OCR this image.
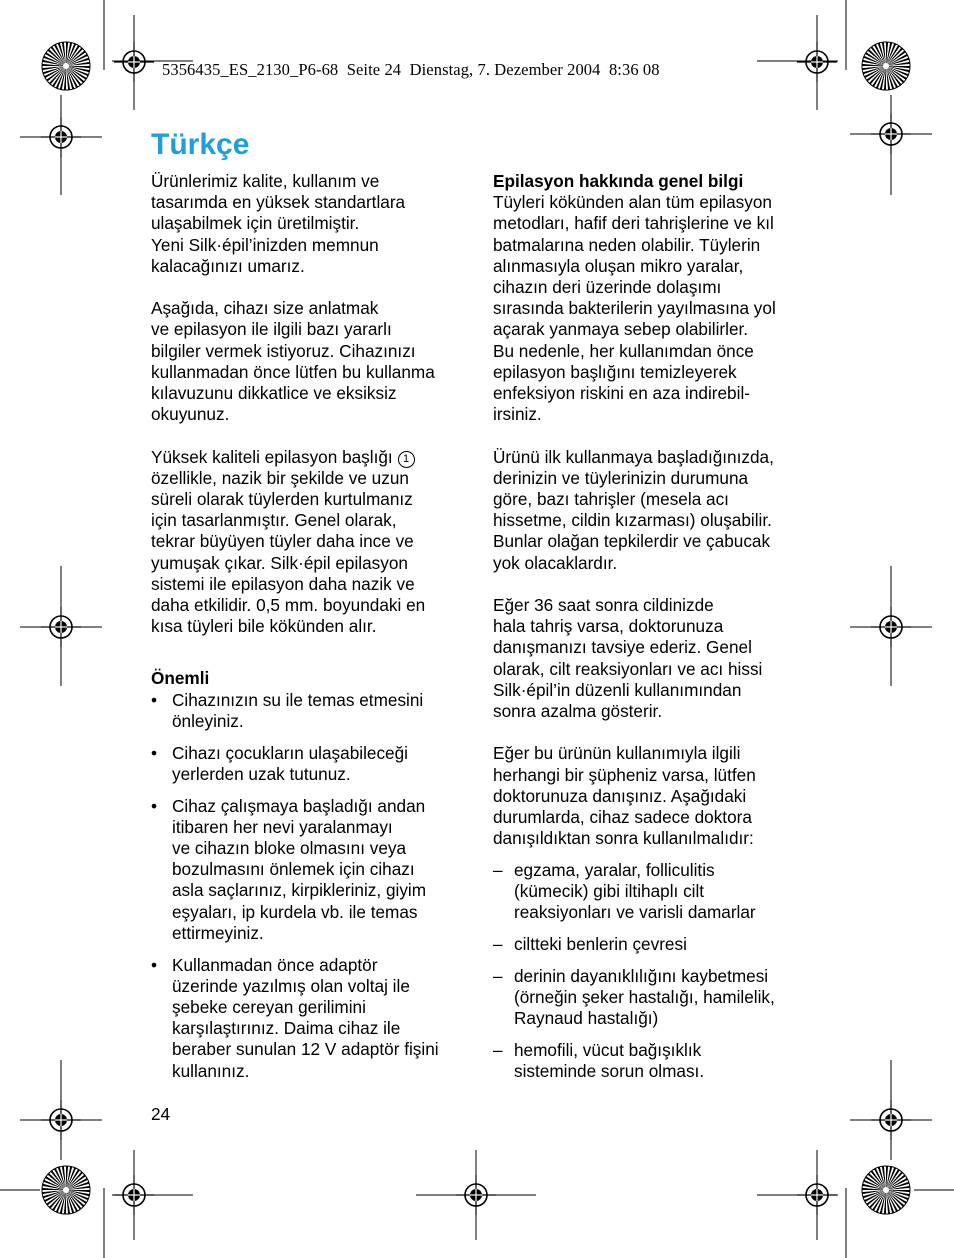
5356435_ES_2130_P6-68  Seite 24  Dienstag, 7. Dezember 2004  8:36 08
Türkçe
Ürünlerimiz kalite, kullanım ve
tasarımda en yüksek standartlara
ulaşabilmek için üretilmiştir.
Yeni Silk·épil’inizden memnun
kalacağınızı umarız.
Aşağıda, cihazı size anlatmak
ve epilasyon ile ilgili bazı yararlı
bilgiler vermek istiyoruz. Cihazınızı
kullanmadan önce lütfen bu kullanma
kılavuzunu dikkatlice ve eksiksiz
okuyunuz.

Yüksek kaliteli epilasyon başlığı 1

özellikle, nazik bir şekilde ve uzun
süreli olarak tüylerden kurtulmanız
için tasarlanmıştır. Genel olarak,
tekrar büyüyen tüyler daha ince ve
yumuşak çıkar. Silk·épil epilasyon
sistemi ile epilasyon daha nazik ve
daha etkilidir. 0,5 mm. boyundaki en
kısa tüyleri bile kökünden alır.

Önemli

• Cihazınızın su ile temas etmesini
önleyiniz.
• Cihazı çocukların ulaşabileceği
yerlerden uzak tutunuz.
• Cihaz çalışmaya başladığı andan
itibaren her nevi yaralanmayı
ve cihazın bloke olmasını veya
bozulmasını önlemek için cihazı
asla saçlarınız, kirpikleriniz, giyim
eşyaları, ip kurdela vb. ile temas
ettirmeyiniz.
• Kullanmadan önce adaptör
üzerinde yazılmış olan voltaj ile
şebeke cereyan gerilimini
karşılaştırınız. Daima cihaz ile
beraber sunulan 12 V adaptör fişini
kullanınız.

Epilasyon hakkında genel bilgi

Tüyleri kökünden alan tüm epilasyon
metodları, hafif deri tahrişlerine ve kıl
batmalarına neden olabilir. Tüylerin
alınmasıyla oluşan mikro yaralar,
cihazın deri üzerinde dolaşımı
sırasında bakterilerin yayılmasına yol
açarak yanmaya sebep olabilirler.
Bu nedenle, her kullanımdan önce
epilasyon başlığını temizleyerek
enfeksiyon riskini en aza indirebil-
irsiniz.
Ürünü ilk kullanmaya başladığınızda,
derinizin ve tüylerinizin durumuna
göre, bazı tahrişler (mesela acı
hissetme, cildin kızarması) oluşabilir.
Bunlar olağan tepkilerdir ve çabucak
yok olacaklardır.
Eğer 36 saat sonra cildinizde
hala tahriş varsa, doktorunuza
danışmanızı tavsiye ederiz. Genel
olarak, cilt reaksiyonları ve acı hissi
Silk·épil’in düzenli kullanımından
sonra azalma gösterir.
Eğer bu ürünün kullanımıyla ilgili
herhangi bir şüpheniz varsa, lütfen
doktorunuza danışınız. Aşağıdaki
durumlarda, cihaz sadece doktora
danışıldıktan sonra kullanılmalıdır:
– egzama, yaralar, folliculitis
(kümecik) gibi iltihaplı cilt
reaksiyonları ve varisli damarlar
– ciltteki benlerin çevresi
– derinin dayanıklılığını kaybetmesi
(örneğin şeker hastalığı, hamilelik,
Raynaud hastalığı)
– hemofili, vücut bağışıklık
sisteminde sorun olması.
24
